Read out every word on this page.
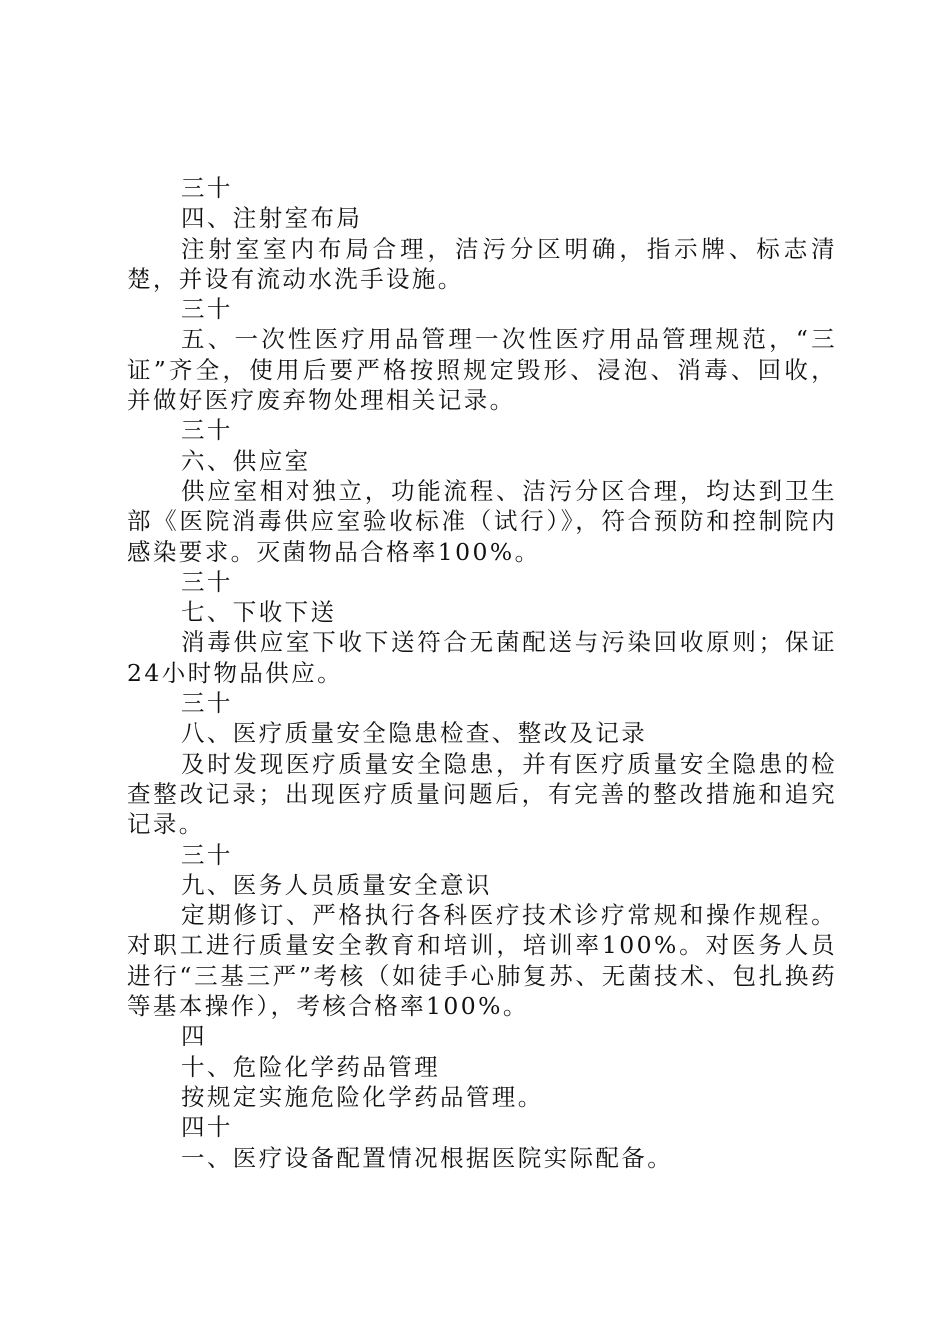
三十
四、注射室布局
注射室室内布局合理，洁污分区明确，指示牌、标志清楚，并设有流动水洗手设施。
三十
五、一次性医疗用品管理一次性医疗用品管理规范，“三证”齐全，使用后要严格按照规定毁形、浸泡、消毒、回收，并做好医疗废弃物处理相关记录。
三十
六、供应室
供应室相对独立，功能流程、洁污分区合理，均达到卫生部《医院消毒供应室验收标准（试行）》，符合预防和控制院内感染要求。灭菌物品合格率100%。
三十
七、下收下送
消毒供应室下收下送符合无菌配送与污染回收原则；保证24小时物品供应。
三十
八、医疗质量安全隐患检查、整改及记录
及时发现医疗质量安全隐患，并有医疗质量安全隐患的检查整改记录；出现医疗质量问题后，有完善的整改措施和追究记录。
三十
九、医务人员质量安全意识
定期修订、严格执行各科医疗技术诊疗常规和操作规程。对职工进行质量安全教育和培训，培训率100%。对医务人员进行“三基三严”考核（如徒手心肺复苏、无菌技术、包扎换药等基本操作），考核合格率100%。
四
十、危险化学药品管理
按规定实施危险化学药品管理。
四十
一、医疗设备配置情况根据医院实际配备。
